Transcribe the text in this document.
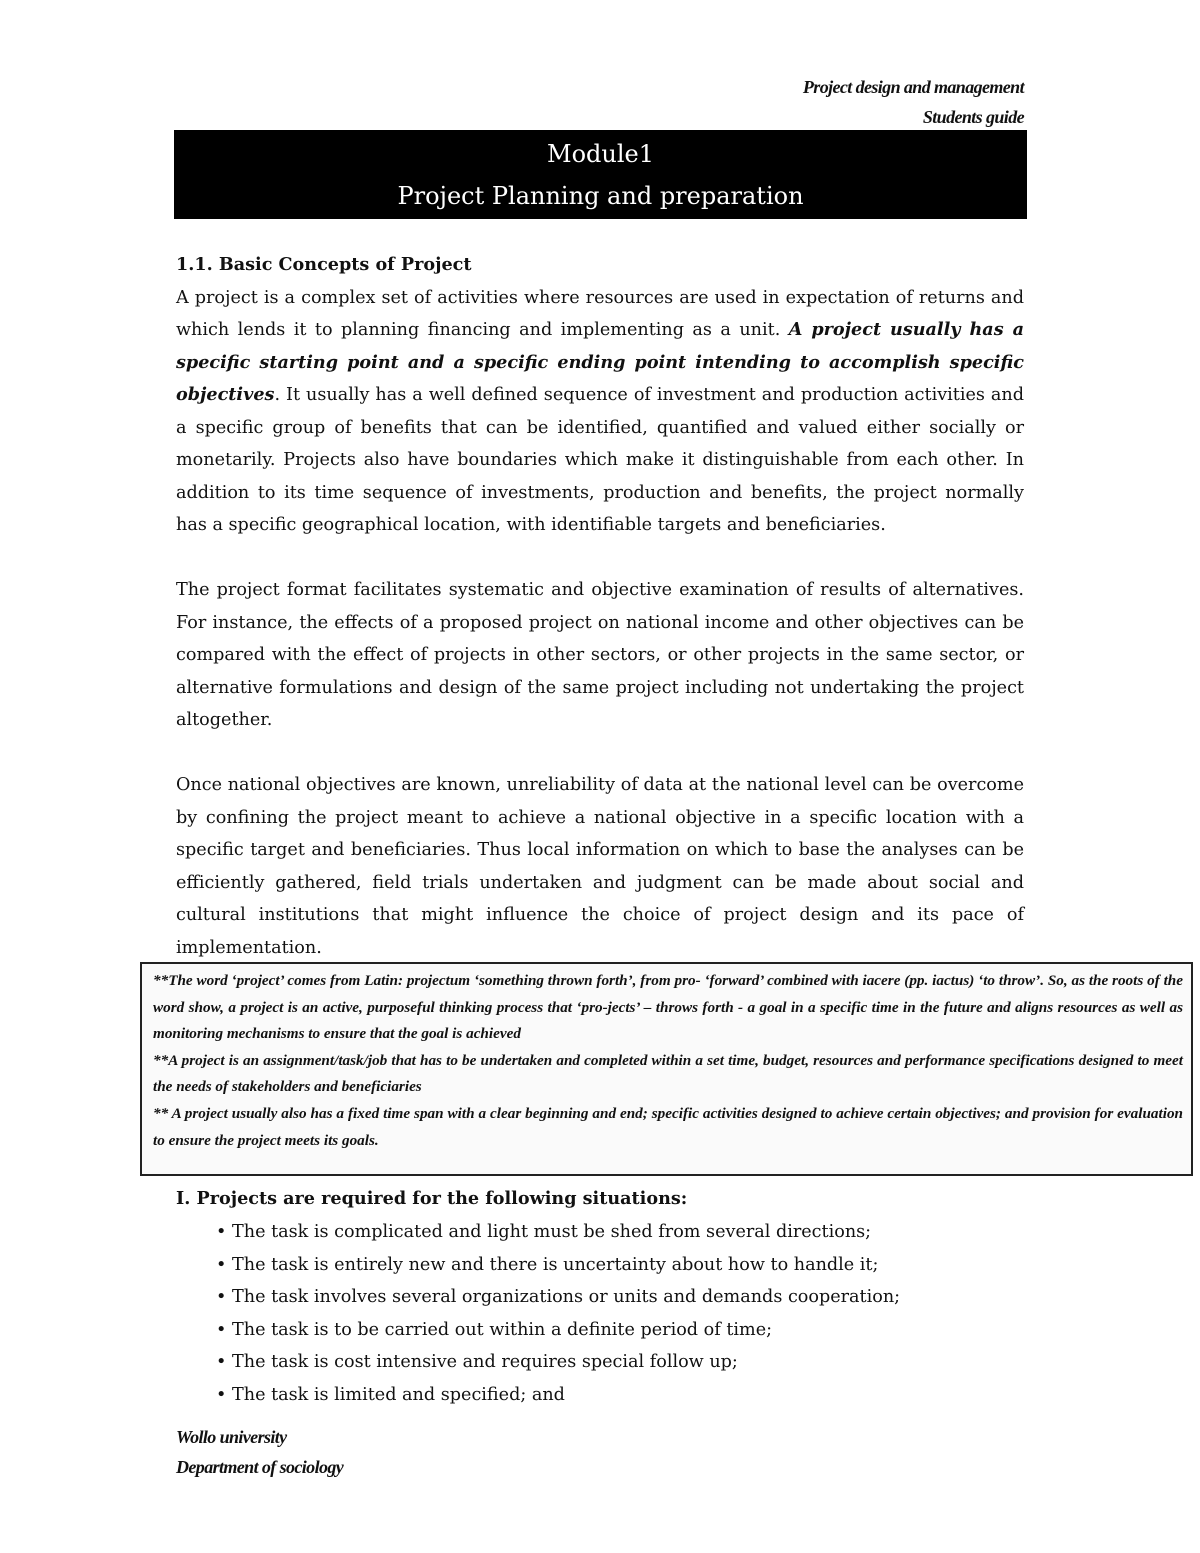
Project design and management
Students guide
Module1
Project Planning and preparation

1.1. Basic Concepts of Project

A project is a complex set of activities where resources are used in expectation of returns and which lends it to planning financing and implementing as a unit. A project usually has a specific starting point and a specific ending point intending to accomplish specific objectives. It usually has a well defined sequence of investment and production activities and a specific group of benefits that can be identified, quantified and valued either socially or monetarily. Projects also have boundaries which make it distinguishable from each other. In addition to its time sequence of investments, production and benefits, the project normally has a specific geographical location, with identifiable targets and beneficiaries.

The project format facilitates systematic and objective examination of results of alternatives. For instance, the effects of a proposed project on national income and other objectives can be compared with the effect of projects in other sectors, or other projects in the same sector, or alternative formulations and design of the same project including not undertaking the project altogether.

Once national objectives are known, unreliability of data at the national level can be overcome by confining the project meant to achieve a national objective in a specific location with a specific target and beneficiaries. Thus local information on which to base the analyses can be efficiently gathered, field trials undertaken and judgment can be made about social and cultural institutions that might influence the choice of project design and its pace of implementation.

**The word ‘project’ comes from Latin: projectum ‘something thrown forth’, from pro- ‘forward’ combined with iacere (pp. iactus) ‘to throw’. So, as the roots of the word show, a project is an active, purposeful thinking process that ‘pro-jects’ – throws forth - a goal in a specific time in the future and aligns resources as well as monitoring mechanisms to ensure that the goal is achieved

**A project is an assignment/task/job that has to be undertaken and completed within a set time, budget, resources and performance specifications designed to meet the needs of stakeholders and beneficiaries

** A project usually also has a fixed time span with a clear beginning and end; specific activities designed to achieve certain objectives; and provision for evaluation to ensure the project meets its goals.

I. Projects are required for the following situations:

• The task is complicated and light must be shed from several directions;
• The task is entirely new and there is uncertainty about how to handle it;
• The task involves several organizations or units and demands cooperation;
• The task is to be carried out within a definite period of time;
• The task is cost intensive and requires special follow up;
• The task is limited and specified; and
Wollo university
Department of sociology
